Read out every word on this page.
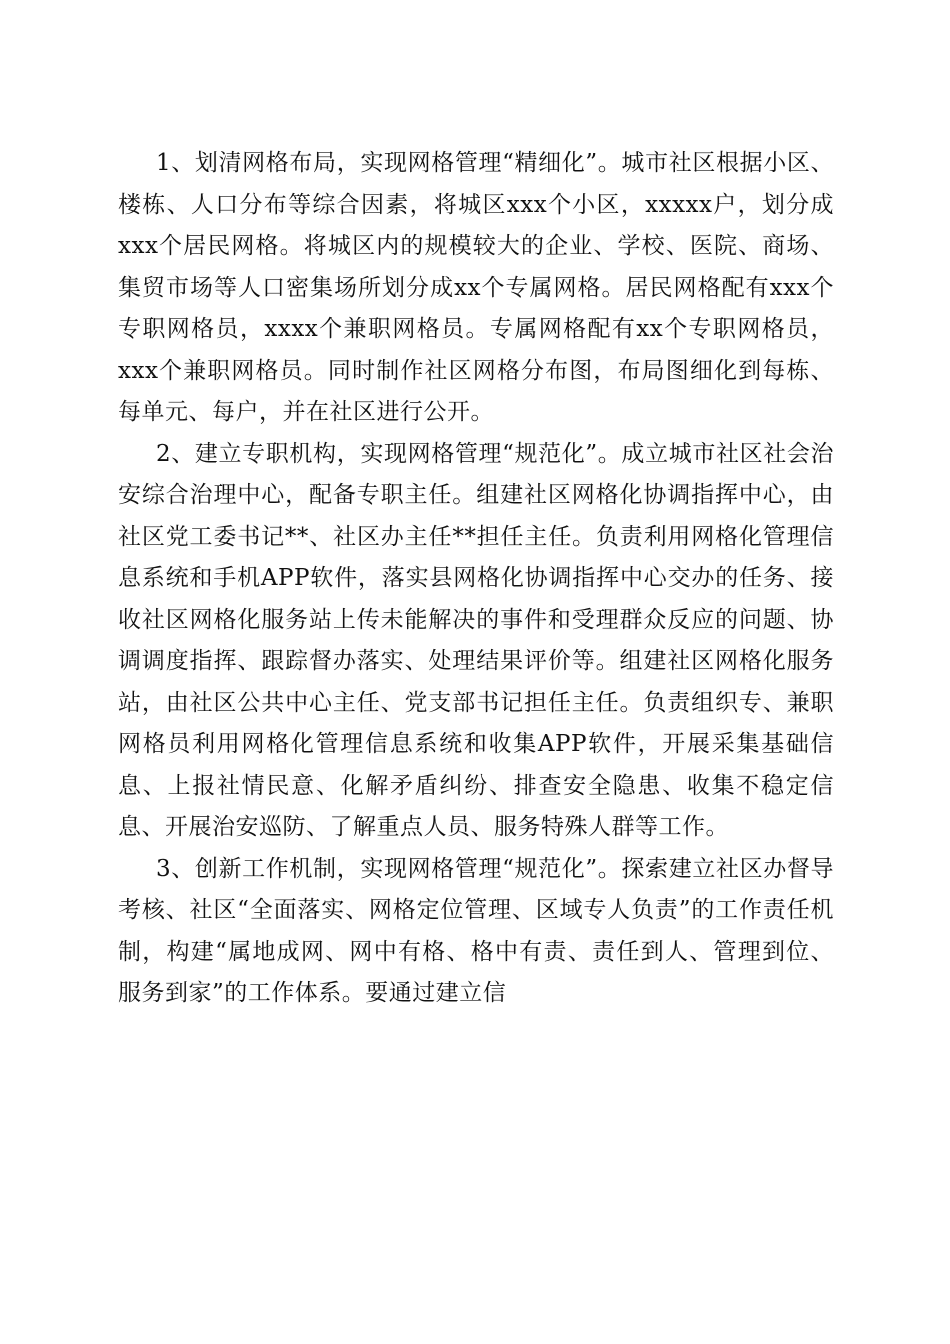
1、划清网格布局，实现网格管理“精细化”。城市社区根据小区、楼栋、人口分布等综合因素，将城区xxx个小区，xxxxx户，划分成xxx个居民网格。将城区内的规模较大的企业、学校、医院、商场、集贸市场等人口密集场所划分成xx个专属网格。居民网格配有xxx个专职网格员，xxxx个兼职网格员。专属网格配有xx个专职网格员，xxx个兼职网格员。同时制作社区网格分布图，布局图细化到每栋、每单元、每户，并在社区进行公开。

2、建立专职机构，实现网格管理“规范化”。成立城市社区社会治安综合治理中心，配备专职主任。组建社区网格化协调指挥中心，由社区党工委书记**、社区办主任**担任主任。负责利用网格化管理信息系统和手机APP软件，落实县网格化协调指挥中心交办的任务、接收社区网格化服务站上传未能解决的事件和受理群众反应的问题、协调调度指挥、跟踪督办落实、处理结果评价等。组建社区网格化服务站，由社区公共中心主任、党支部书记担任主任。负责组织专、兼职网格员利用网格化管理信息系统和收集APP软件，开展采集基础信息、上报社情民意、化解矛盾纠纷、排查安全隐患、收集不稳定信息、开展治安巡防、了解重点人员、服务特殊人群等工作。

3、创新工作机制，实现网格管理“规范化”。探索建立社区办督导考核、社区“全面落实、网格定位管理、区域专人负责”的工作责任机制，构建“属地成网、网中有格、格中有责、责任到人、管理到位、服务到家”的工作体系。要通过建立信
